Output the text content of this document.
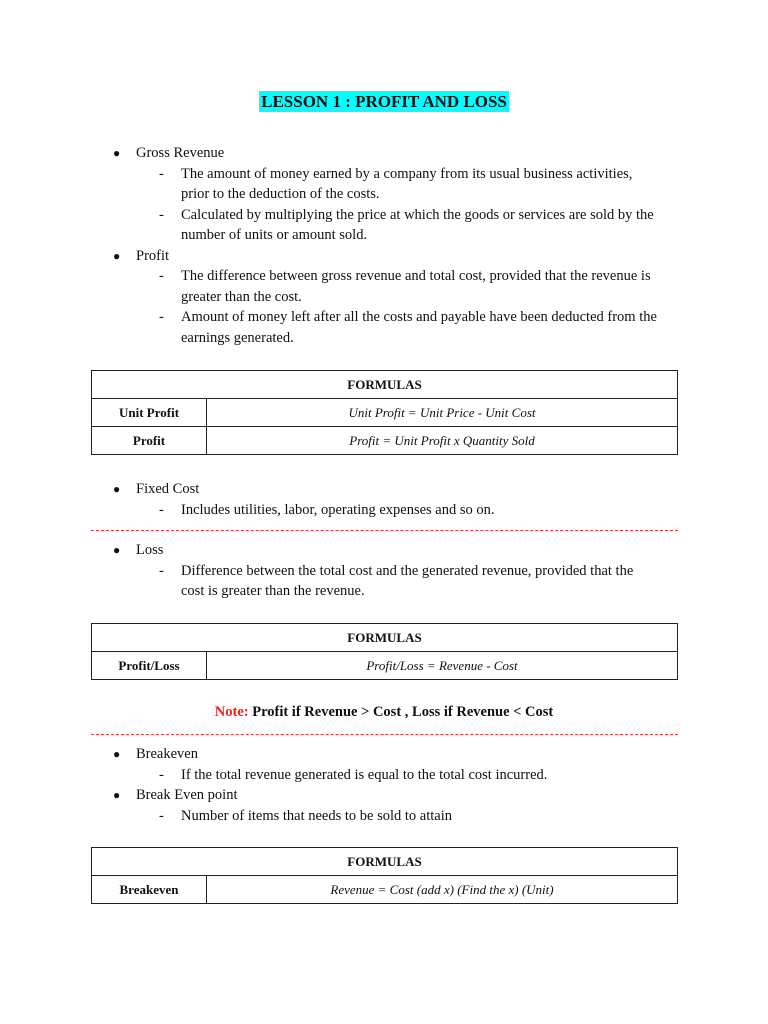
LESSON 1 : PROFIT AND LOSS
● Gross Revenue
- The amount of money earned by a company from its usual business activities,
prior to the deduction of the costs.
- Calculated by multiplying the price at which the goods or services are sold by the
number of units or amount sold.
● Profit
- The difference between gross revenue and total cost, provided that the revenue is
greater than the cost.
- Amount of money left after all the costs and payable have been deducted from the
earnings generated.
FORMULAS	
Unit Profit	Unit Profit = Unit Price - Unit Cost
Profit	Profit = Unit Profit x Quantity Sold
● Fixed Cost
- Includes utilities, labor, operating expenses and so on.
● Loss
- Difference between the total cost and the generated revenue, provided that the
cost is greater than the revenue.
FORMULAS
Profit/Loss	Profit/Loss = Revenue - Cost
Note: Profit if Revenue > Cost , Loss if Revenue < Cost
● Breakeven
- If the total revenue generated is equal to the total cost incurred.
● Break Even point
- Number of items that needs to be sold to attain
FORMULAS
Breakeven	Revenue = Cost (add x) (Find the x) (Unit)
